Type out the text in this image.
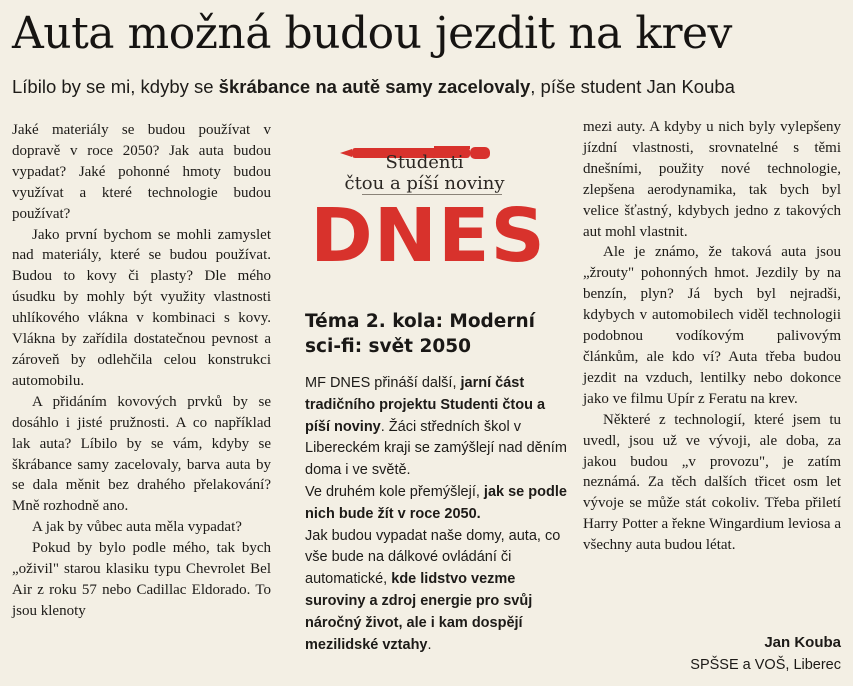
Auta možná budou jezdit na krev
Líbilo by se mi, kdyby se škrábance na autě samy zacelovaly, píše student Jan Kouba

Jaké materiály se budou používat v dopravě v roce 2050? Jak auta budou vypadat? Jaké pohonné hmoty budou využívat a které technologie budou používat?

Jako první bychom se mohli zamyslet nad materiály, které se budou používat. Budou to kovy či plasty? Dle mého úsudku by mohly být využity vlastnosti uhlíkového vlákna v kombinaci s kovy. Vlákna by zařídila dostatečnou pevnost a zároveň by odlehčila celou konstrukci automobilu.

A přidáním kovových prvků by se dosáhlo i jisté pružnosti. A co například lak auta? Líbilo by se vám, kdyby se škrábance samy zacelovaly, barva auta by se dala měnit bez drahého přelakování? Mně rozhodně ano.

A jak by vůbec auta měla vypadat?

Pokud by bylo podle mého, tak bych „oživil" starou klasiku typu Chevrolet Bel Air z roku 57 nebo Cadillac Eldorado. To jsou klenoty

Studenti
čtou a píší noviny
DNES
Téma 2. kola: Moderní sci-fi: svět 2050
MF DNES přináší další, jarní část tradičního projektu Studenti čtou a píší noviny. Žáci středních škol v Libereckém kraji se zamýšlejí nad děním doma i ve světě.
Ve druhém kole přemýšlejí, jak se podle nich bude žít v roce 2050.
Jak budou vypadat naše domy, auta, co vše bude na dálkové ovládání či automatické, kde lidstvo vezme suroviny a zdroj energie pro svůj náročný život, ale i kam dospějí mezilidské vztahy.

mezi auty. A kdyby u nich byly vylepšeny jízdní vlastnosti, srovnatelné s těmi dnešními, použity nové technologie, zlepšena aerodynamika, tak bych byl velice šťastný, kdybych jedno z takových aut mohl vlastnit.

Ale je známo, že taková auta jsou „žrouty" pohonných hmot. Jezdily by na benzín, plyn? Já bych byl nejradši, kdybych v automobilech viděl technologii podobnou vodíkovým palivovým článkům, ale kdo ví? Auta třeba budou jezdit na vzduch, lentilky nebo dokonce jako ve filmu Upír z Feratu na krev.

Některé z technologií, které jsem tu uvedl, jsou už ve vývoji, ale doba, za jakou budou „v provozu", je zatím neznámá. Za těch dalších třicet osm let vývoje se může stát cokoliv. Třeba přiletí Harry Potter a řekne Wingardium leviosa a všechny auta budou létat.

Jan Kouba
SPŠSE a VOŠ, Liberec
